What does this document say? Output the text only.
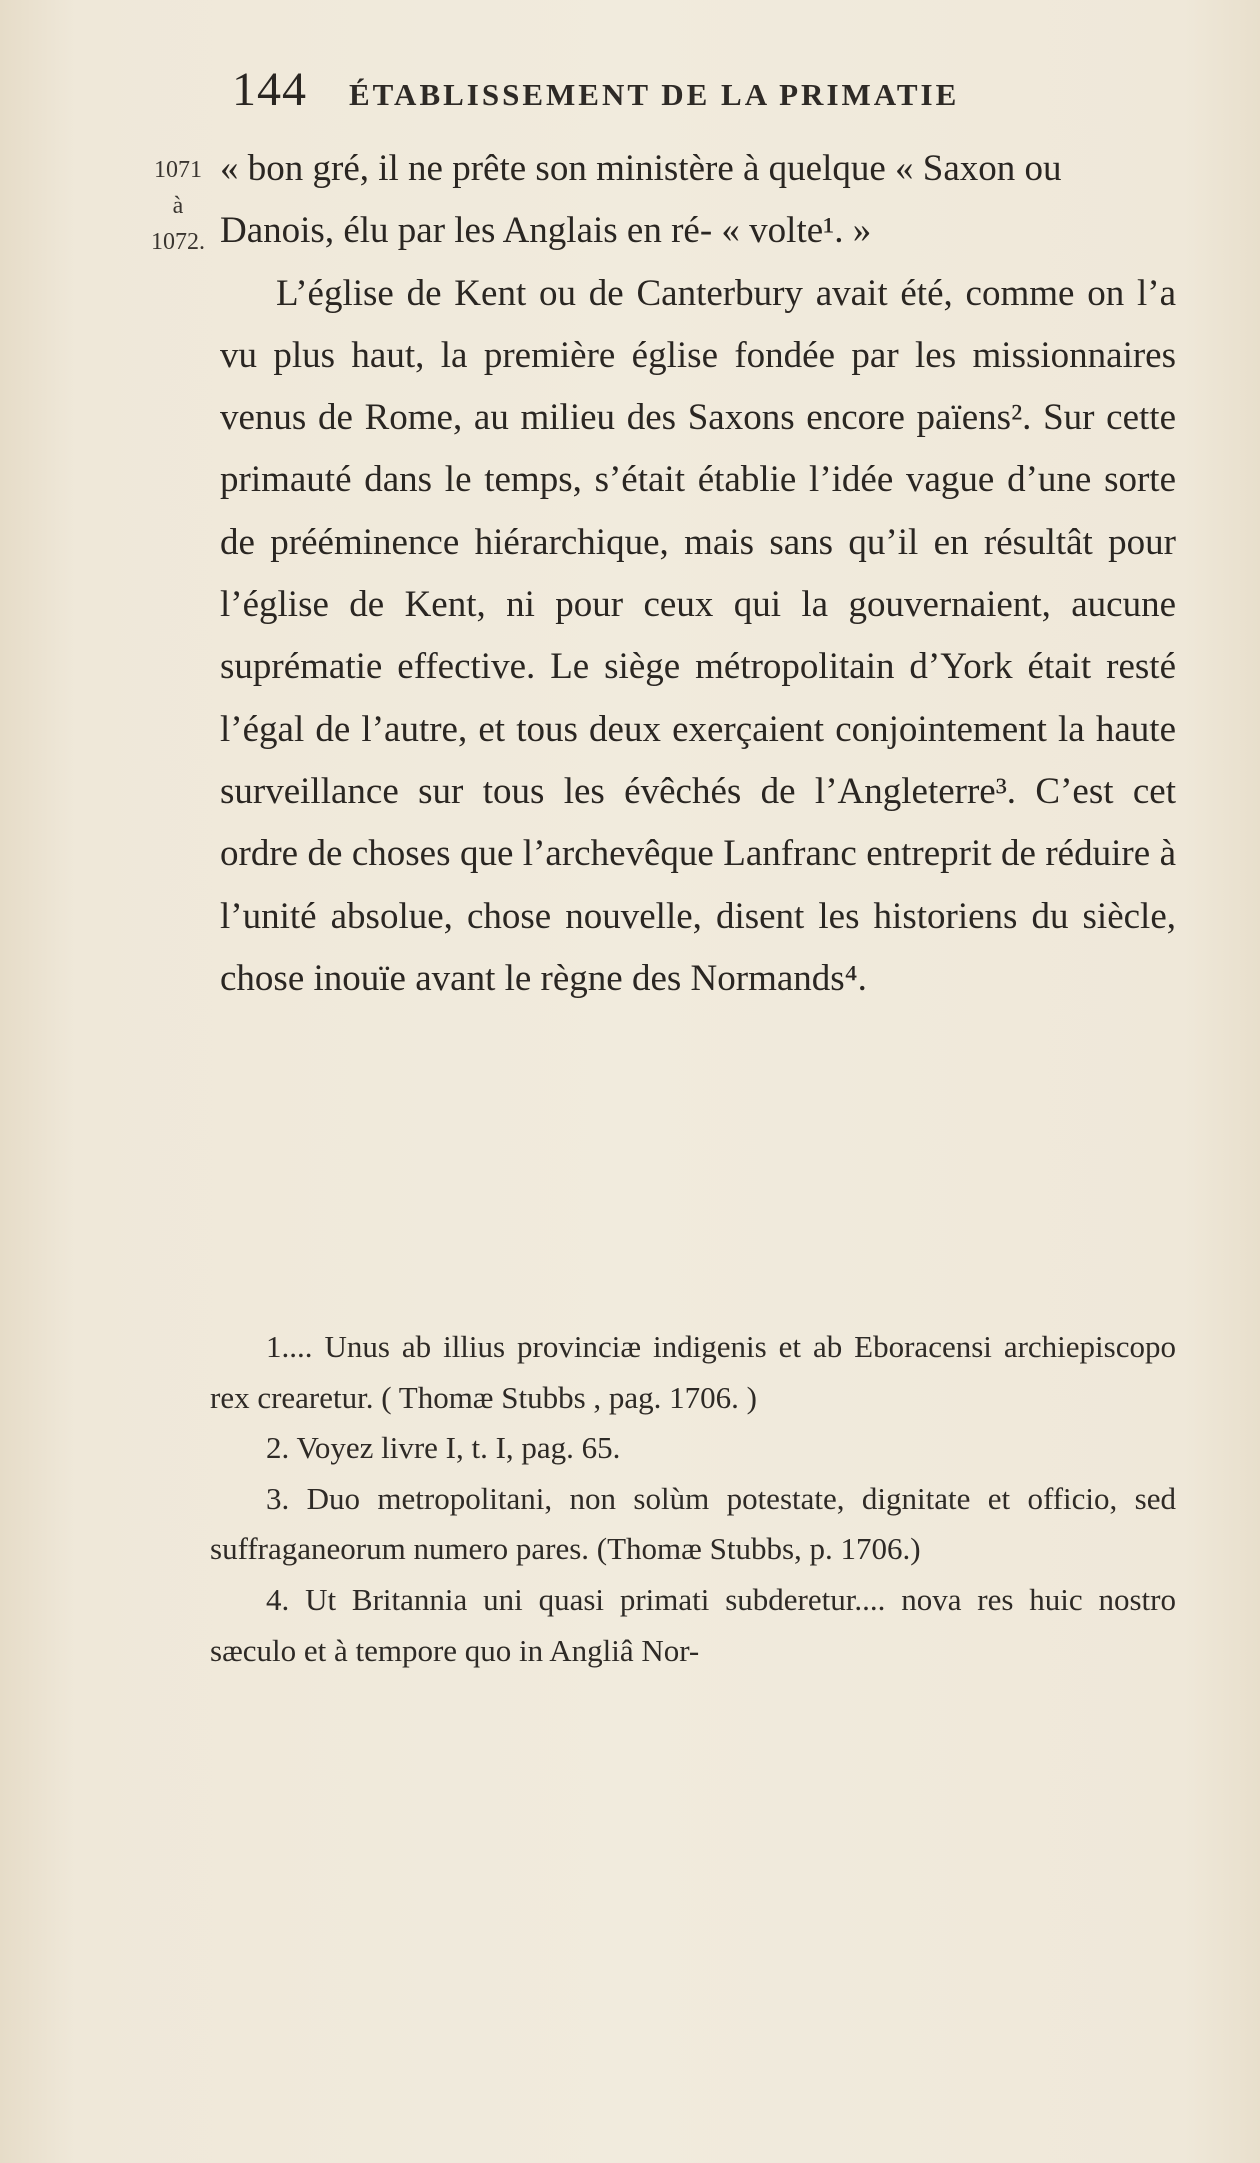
144 ÉTABLISSEMENT DE LA PRIMATIE
1071
à
1072.

« bon gré, il ne prête son ministère à quelque « Saxon ou Danois, élu par les Anglais en ré- « volte¹. »

L’église de Kent ou de Canterbury avait été, comme on l’a vu plus haut, la première église fondée par les missionnaires venus de Rome, au milieu des Saxons encore païens². Sur cette primauté dans le temps, s’était établie l’idée vague d’une sorte de prééminence hiérarchique, mais sans qu’il en résultât pour l’église de Kent, ni pour ceux qui la gouvernaient, aucune suprématie effective. Le siège métropolitain d’York était resté l’égal de l’autre, et tous deux exerçaient conjointement la haute surveillance sur tous les évêchés de l’Angleterre³. C’est cet ordre de choses que l’archevêque Lanfranc entreprit de réduire à l’unité absolue, chose nouvelle, disent les historiens du siècle, chose inouïe avant le règne des Normands⁴.

1.... Unus ab illius provinciæ indigenis et ab Eboracensi archiepiscopo rex crearetur. ( Thomæ Stubbs , pag. 1706. )

2. Voyez livre I, t. I, pag. 65.

3. Duo metropolitani, non solùm potestate, dignitate et officio, sed suffraganeorum numero pares. (Thomæ Stubbs, p. 1706.)

4. Ut Britannia uni quasi primati subderetur.... nova res huic nostro sæculo et à tempore quo in Angliâ Nor-
